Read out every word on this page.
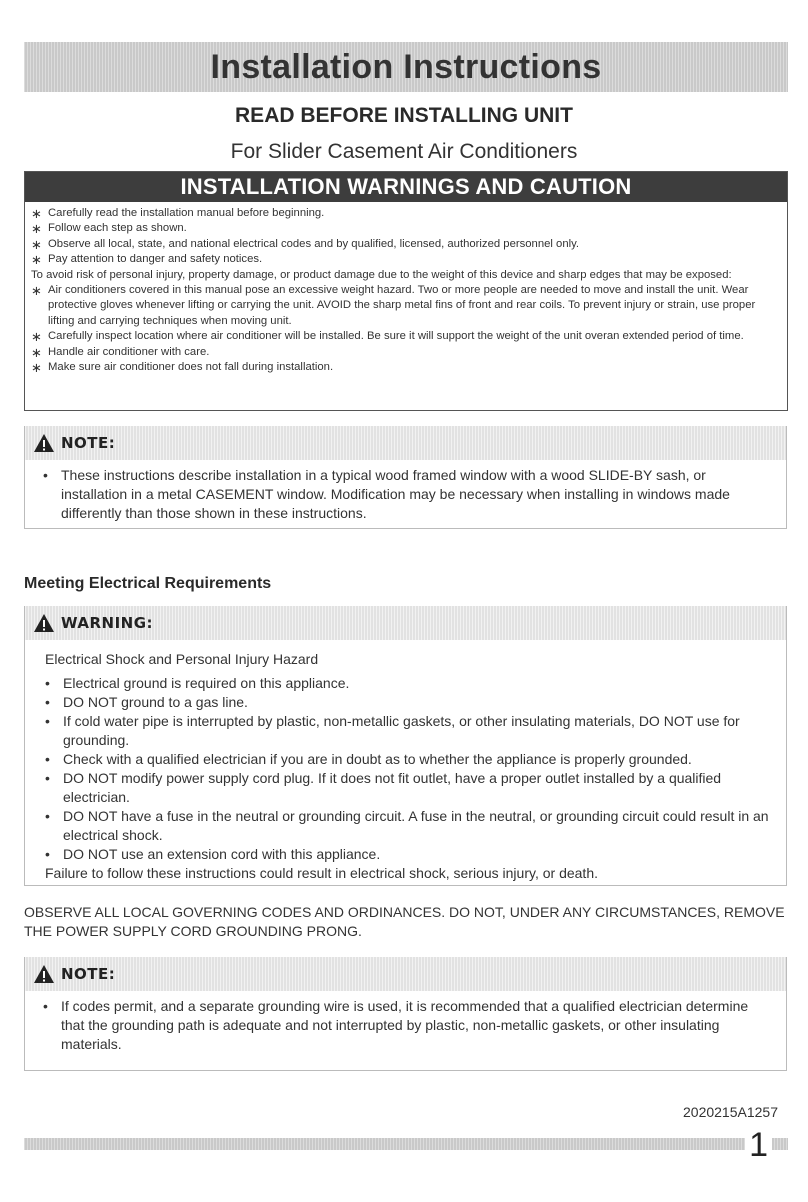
Installation Instructions
READ BEFORE INSTALLING UNIT
For Slider Casement Air Conditioners
INSTALLATION WARNINGS AND CAUTION
∗ Carefully read the installation manual before beginning.
∗ Follow each step as shown.
∗ Observe all local, state, and national electrical codes and by qualified, licensed, authorized personnel only.
∗ Pay attention to danger and safety notices.
To avoid risk of personal injury, property damage, or product damage due to the weight of this device and sharp edges that may be exposed:
∗ Air conditioners covered in this manual pose an excessive weight hazard. Two or more people are needed to move and install the unit. Wear protective gloves whenever lifting or carrying the unit. AVOID the sharp metal fins of front and rear coils. To prevent injury or strain, use proper lifting and carrying techniques when moving unit.
∗ Carefully inspect location where air conditioner will be installed. Be sure it will support the weight of the unit overan extended period of time.
∗ Handle air conditioner with care.
∗ Make sure air conditioner does not fall during installation.
NOTE:
• These instructions describe installation in a typical wood framed window with a wood SLIDE-BY sash, or installation in a metal CASEMENT window. Modification may be necessary when installing in windows made differently than those shown in these instructions.
Meeting Electrical Requirements
WARNING:
Electrical Shock and Personal Injury Hazard
• Electrical ground is required on this appliance.
• DO NOT ground to a gas line.
• If cold water pipe is interrupted by plastic, non-metallic gaskets, or other insulating materials, DO NOT use for grounding.
• Check with a qualified electrician if you are in doubt as to whether the appliance is properly grounded.
• DO NOT modify power supply cord plug. If it does not fit outlet, have a proper outlet installed by a qualified electrician.
• DO NOT have a fuse in the neutral or grounding circuit. A fuse in the neutral, or grounding circuit could result in an electrical shock.
• DO NOT use an extension cord with this appliance.
Failure to follow these instructions could result in electrical shock, serious injury, or death.
OBSERVE ALL LOCAL GOVERNING CODES AND ORDINANCES. DO NOT, UNDER ANY CIRCUMSTANCES, REMOVE THE POWER SUPPLY CORD GROUNDING PRONG.
NOTE:
• If codes permit, and a separate grounding wire is used, it is recommended that a qualified electrician determine that the grounding path is adequate and not interrupted by plastic, non-metallic gaskets, or other insulating materials.
2020215A1257
1
